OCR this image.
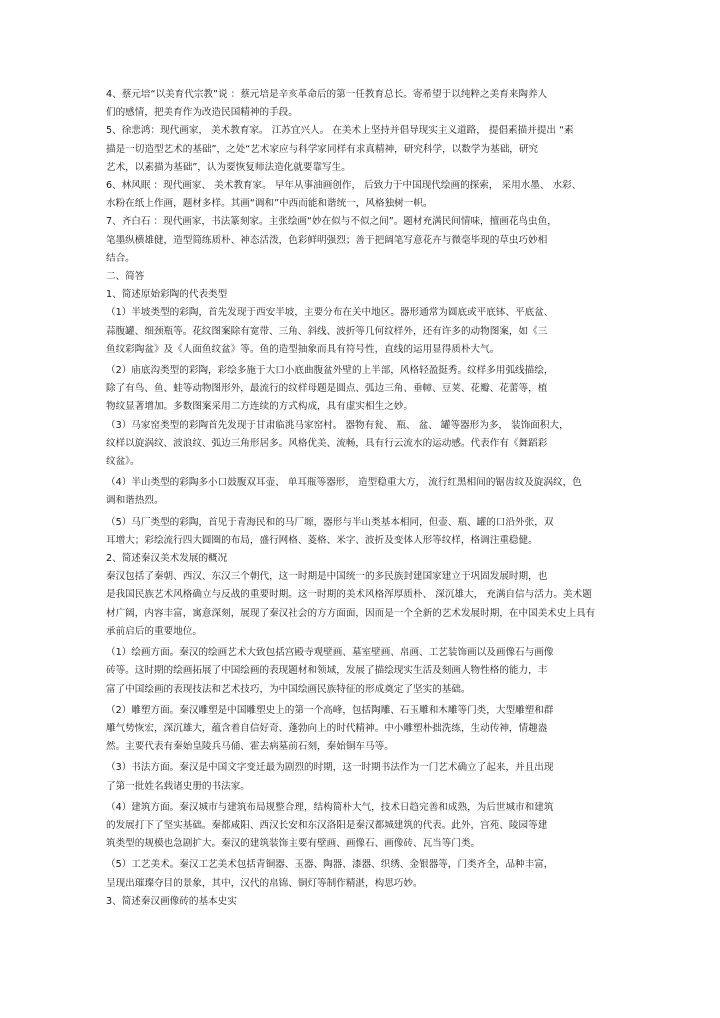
4、蔡元培“以美育代宗教”说 ：蔡元培是辛亥革命后的第一任教育总长。寄希望于以纯粹之美育来陶养人

们的感情，把美育作为改造民国精神的手段。

5、徐悲鸿：现代画家， 美术教育家。 江苏宜兴人。 在美术上坚持并倡导现实主义道路， 提倡素描并提出 “素

描是一切造型艺术的基础”，之处“艺术家应与科学家同样有求真精神，研究科学，以数学为基础，研究

艺术，以素描为基础”，认为要恢复师法造化就要靠写生。

6、林风眠 ：现代画家、 美术教育家。 早年从事油画创作， 后致力于中国现代绘画的探索， 采用水墨、 水彩、

水粉在纸上作画，题材多样。其画“调和”中西而能和谐统一，风格独树一帜。

7、齐白石 ：现代画家，书法篆刻家。主张绘画“妙在似与不似之间”。题材充满民间情味，擅画花鸟虫鱼，

笔墨纵横雄健，造型简练质朴、神态活泼，色彩鲜明强烈；善于把阔笔写意花卉与微毫毕现的草虫巧妙相

结合。

二、简答

1、简述原始彩陶的代表类型

（1）半坡类型的彩陶，首先发现于西安半坡，主要分布在关中地区。器形通常为圆底或平底钵、平底盆、

蒜腹罐、细颈瓶等。花纹图案除有宽带、三角、斜线、波折等几何纹样外，还有许多的动物图案，如《三

鱼纹彩陶盆》及《人面鱼纹盆》等。鱼的造型抽象而具有符号性，直线的运用显得质朴大气。

（2）庙底沟类型的彩陶，彩绘多施于大口小底曲腹盆外壁的上半部，风格轻盈挺秀。纹样多用弧线描绘，

除了有鸟、鱼、蛙等动物图形外，最流行的纹样母题是圆点、弧边三角、垂幛、豆荚、花瓣、花蕾等，植

物纹显著增加。多数图案采用二方连续的方式构成，具有虚实相生之妙。

（3）马家窑类型的彩陶首先发现于甘肃临洮马家窑村。 器物有瓮、 瓶、 盆、 罐等器形为多， 装饰面积大，

纹样以旋涡纹、波浪纹、弧边三角形居多。风格优美、流畅，具有行云流水的运动感。代表作有《舞蹈彩

纹盆》。

（4）半山类型的彩陶多小口鼓腹双耳壶、 单耳瓶等器形， 造型稳重大方， 流行红黑相间的锯齿纹及旋涡纹，色

调和谐热烈。

（5）马厂类型的彩陶，首见于青海民和的马厂塬，器形与半山类基本相同，但壶、瓶、罐的口沿外张，双

耳增大；彩绘流行四大圆圈的布局，盛行网格、菱格、米字、波折及变体人形等纹样，格调注重稳健。

2、简述秦汉美术发展的概况

秦汉包括了秦朝、西汉、东汉三个朝代，这一时期是中国统一的多民族封建国家建立于巩固发展时期，也

是我国民族艺术风格确立与反战的重要时期。这一时期的美术风格浑厚质朴、 深沉雄大， 充满自信与活力。美术题

材广阔，内容丰富，寓意深刻，展现了秦汉社会的方方面面，因而是一个全新的艺术发展时期，在中国美术史上具有

承前启后的重要地位。

（1）绘画方面。秦汉的绘画艺术大致包括宫殿寺观壁画、墓室壁画、帛画、工艺装饰画以及画像石与画像

砖等。这时期的绘画拓展了中国绘画的表现题材和领域，发展了描绘现实生活及刻画人物性格的能力，丰

富了中国绘画的表现技法和艺术技巧，为中国绘画民族特征的形成奠定了坚实的基础。

（2）雕塑方面。秦汉雕塑是中国雕塑史上的第一个高峰，包括陶雕、石玉雕和木雕等门类，大型雕塑和群

雕气势恢宏，深沉雄大，蕴含着自信好奇、蓬勃向上的时代精神。中小雕塑朴拙洗练，生动传神，情趣盎

然。主要代表有秦始皇陵兵马俑、霍去病墓前石刻，秦始铜车马等。

（3）书法方面。秦汉是中国文字变迁最为剧烈的时期，这一时期书法作为一门艺术确立了起来，并且出现

了第一批姓名载诸史册的书法家。

（4）建筑方面。秦汉城市与建筑布局规整合理，结构简朴大气，技术日趋完善和成熟，为后世城市和建筑

的发展打下了坚实基础。秦都咸阳、西汉长安和东汉洛阳是秦汉都城建筑的代表。此外，宫苑、陵园等建

筑类型的规模也急剧扩大。秦汉的建筑装饰主要有壁画、画像石、画像砖、瓦当等门类。

（5）工艺美术。秦汉工艺美术包括青铜器、玉器、陶器、漆器、织绣、金银器等，门类齐全，品种丰富，

呈现出璀璨夺目的景象，其中，汉代的帛锦、铜灯等制作精湛，构思巧妙。

3、简述秦汉画像砖的基本史实
